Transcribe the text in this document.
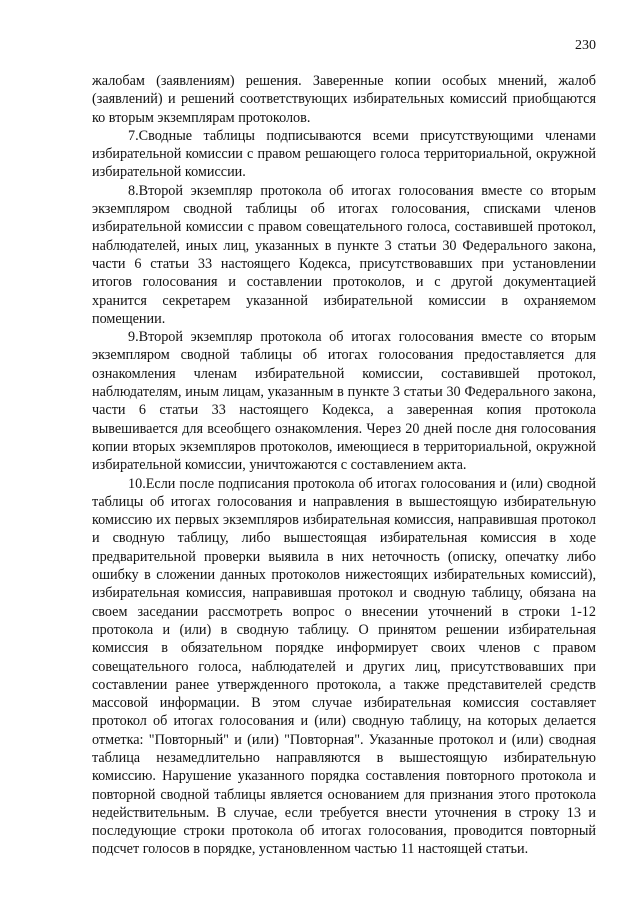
230

жалобам (заявлениям) решения. Заверенные копии особых мнений, жалоб (заявлений) и решений соответствующих избирательных комиссий приобщаются ко вторым экземплярам протоколов.

7.Сводные таблицы подписываются всеми присутствующими членами избирательной комиссии с правом решающего голоса территориальной, окружной избирательной комиссии.

8.Второй экземпляр протокола об итогах голосования вместе со вторым экземпляром сводной таблицы об итогах голосования, списками членов избирательной комиссии с правом совещательного голоса, составившей протокол, наблюдателей, иных лиц, указанных в пункте 3 статьи 30 Федерального закона, части 6 статьи 33 настоящего Кодекса, присутствовавших при установлении итогов голосования и составлении протоколов, и с другой документацией хранится секретарем указанной избирательной комиссии в охраняемом помещении.

9.Второй экземпляр протокола об итогах голосования вместе со вторым экземпляром сводной таблицы об итогах голосования предоставляется для ознакомления членам избирательной комиссии, составившей протокол, наблюдателям, иным лицам, указанным в пункте 3 статьи 30 Федерального закона, части 6 статьи 33 настоящего Кодекса, а заверенная копия протокола вывешивается для всеобщего ознакомления. Через 20 дней после дня голосования копии вторых экземпляров протоколов, имеющиеся в территориальной, окружной избирательной комиссии, уничтожаются с составлением акта.

10.Если после подписания протокола об итогах голосования и (или) сводной таблицы об итогах голосования и направления в вышестоящую избирательную комиссию их первых экземпляров избирательная комиссия, направившая протокол и сводную таблицу, либо вышестоящая избирательная комиссия в ходе предварительной проверки выявила в них неточность (описку, опечатку либо ошибку в сложении данных протоколов нижестоящих избирательных комиссий), избирательная комиссия, направившая протокол и сводную таблицу, обязана на своем заседании рассмотреть вопрос о внесении уточнений в строки 1-12 протокола и (или) в сводную таблицу. О принятом решении избирательная комиссия в обязательном порядке информирует своих членов с правом совещательного голоса, наблюдателей и других лиц, присутствовавших при составлении ранее утвержденного протокола, а также представителей средств массовой информации. В этом случае избирательная комиссия составляет протокол об итогах голосования и (или) сводную таблицу, на которых делается отметка: "Повторный" и (или) "Повторная". Указанные протокол и (или) сводная таблица незамедлительно направляются в вышестоящую избирательную комиссию. Нарушение указанного порядка составления повторного протокола и повторной сводной таблицы является основанием для признания этого протокола недействительным. В случае, если требуется внести уточнения в строку 13 и последующие строки протокола об итогах голосования, проводится повторный подсчет голосов в порядке, установленном частью 11 настоящей статьи.
